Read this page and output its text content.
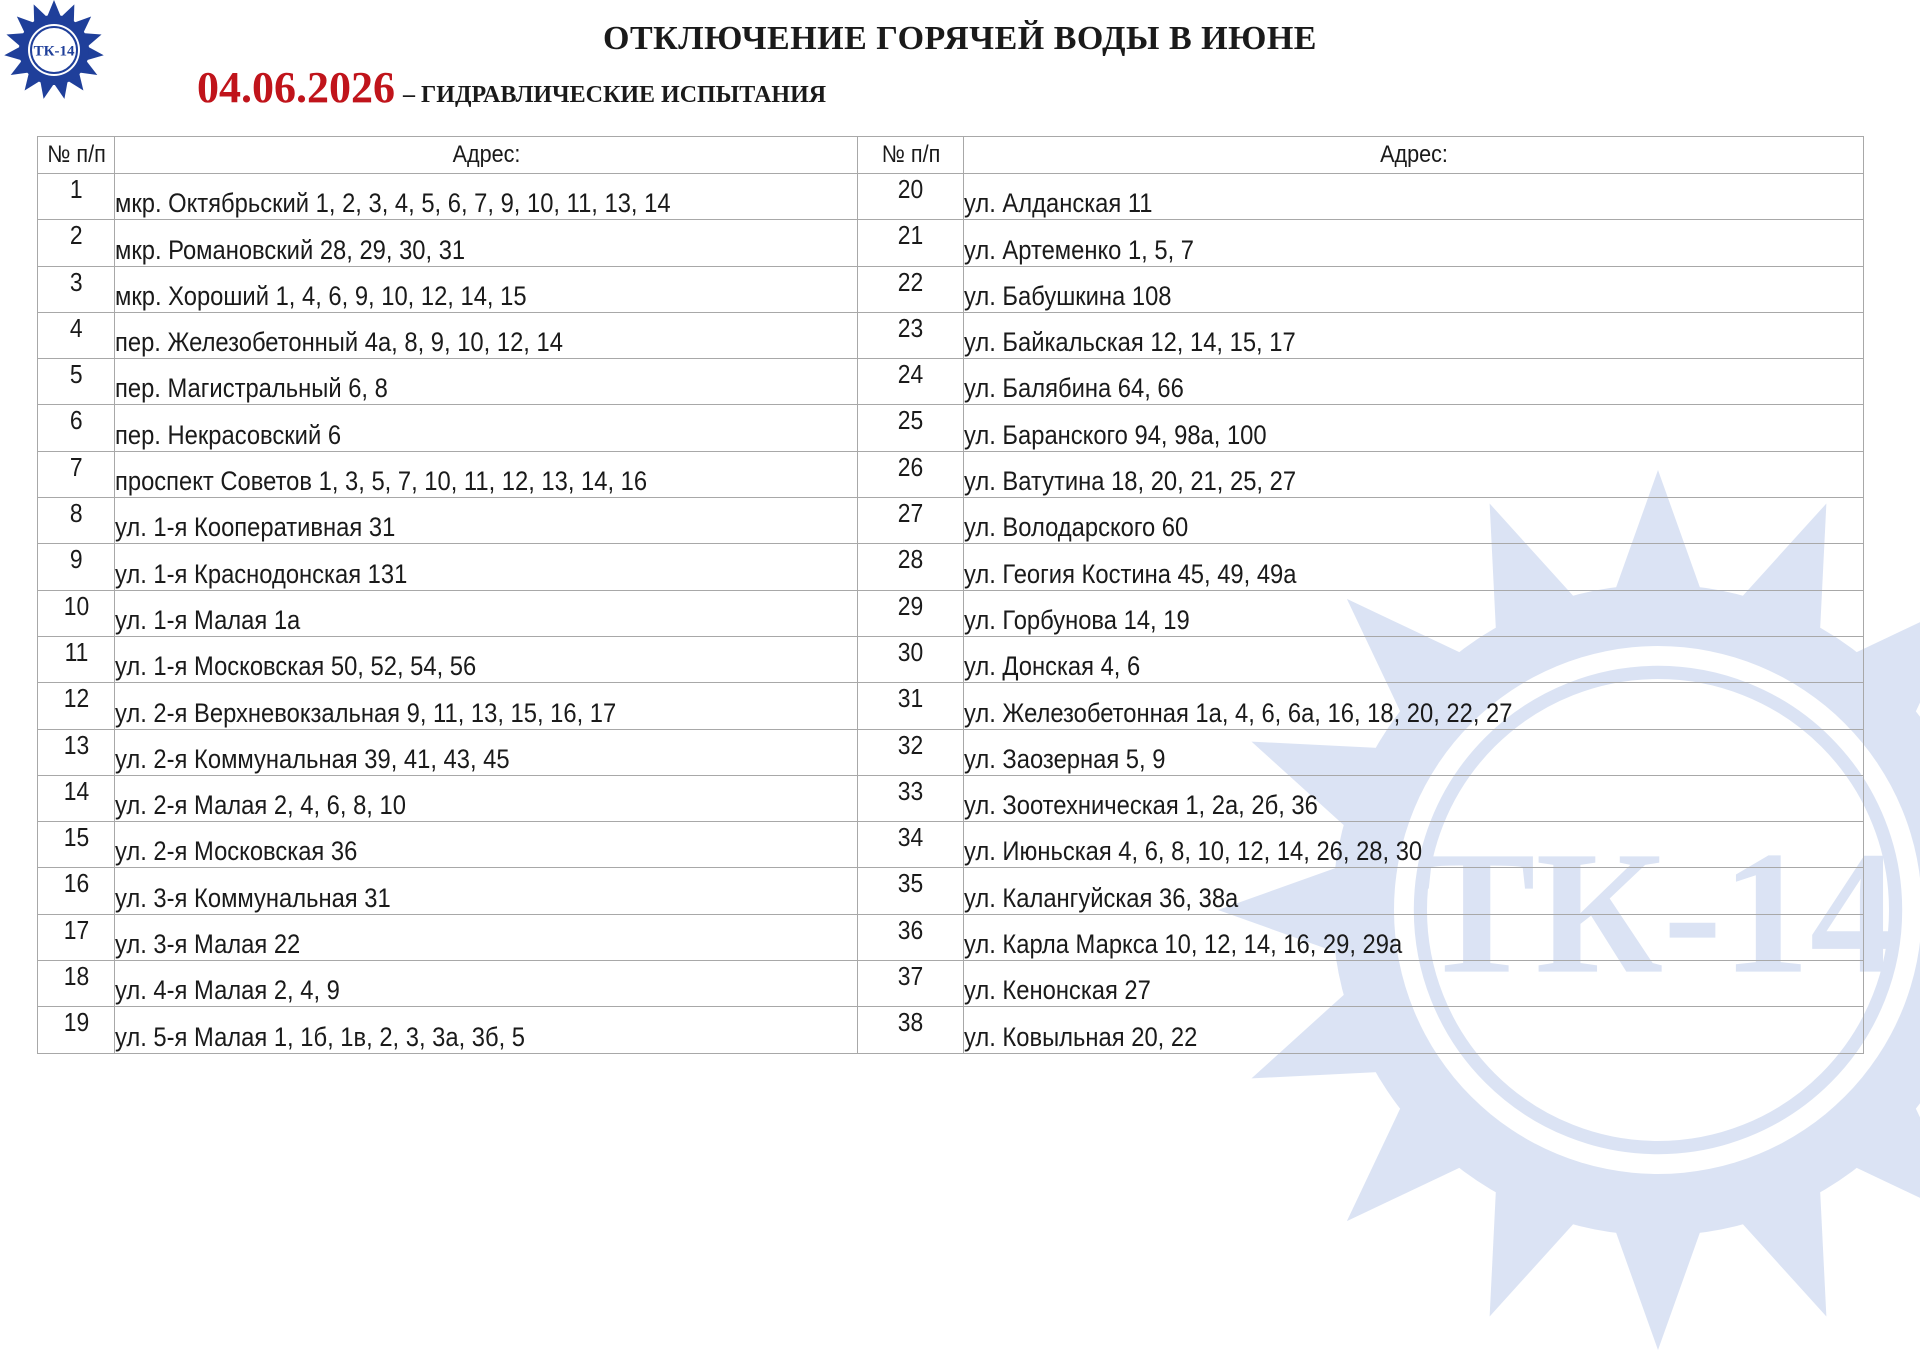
ТК-14
ТК-14	ОТКЛЮЧЕНИЕ ГОРЯЧЕЙ ВОДЫ В ИЮНЕ
04.06.2026 – ГИДРАВЛИЧЕСКИЕ ИСПЫТАНИЯ
№ п/п	Адрес:	№ п/п	Адрес:
1	мкр. Октябрьский 1, 2, 3, 4, 5, 6, 7, 9, 10, 11, 13, 14	20	ул. Алданская 11
2	мкр. Романовский 28, 29, 30, 31	21	ул. Артеменко 1, 5, 7
3	мкр. Хороший 1, 4, 6, 9, 10, 12, 14, 15	22	ул. Бабушкина 108
4	пер. Железобетонный 4а, 8, 9, 10, 12, 14	23	ул. Байкальская 12, 14, 15, 17
5	пер. Магистральный 6, 8	24	ул. Балябина 64, 66
6	пер. Некрасовский 6	25	ул. Баранского 94, 98а, 100
7	проспект Советов 1, 3, 5, 7, 10, 11, 12, 13, 14, 16	26	ул. Ватутина 18, 20, 21, 25, 27
8	ул. 1-я Кооперативная 31	27	ул. Володарского 60
9	ул. 1-я Краснодонская 131	28	ул. Геогия Костина 45, 49, 49а
10	ул. 1-я Малая 1а	29	ул. Горбунова 14, 19
11	ул. 1-я Московская 50, 52, 54, 56	30	ул. Донская 4, 6
12	ул. 2-я Верхневокзальная 9, 11, 13, 15, 16, 17	31	ул. Железобетонная 1а, 4, 6, 6а, 16, 18, 20, 22, 27
13	ул. 2-я Коммунальная 39, 41, 43, 45	32	ул. Заозерная 5, 9
14	ул. 2-я Малая 2, 4, 6, 8, 10	33	ул. Зоотехническая 1, 2а, 2б, 36
15	ул. 2-я Московская 36	34	ул. Июньская 4, 6, 8, 10, 12, 14, 26, 28, 30
16	ул. 3-я Коммунальная 31	35	ул. Калангуйская 36, 38а
17	ул. 3-я Малая 22	36	ул. Карла Маркса 10, 12, 14, 16, 29, 29а
18	ул. 4-я Малая 2, 4, 9	37	ул. Кенонская 27
19	ул. 5-я Малая 1, 1б, 1в, 2, 3, 3а, 3б, 5	38	ул. Ковыльная 20, 22
